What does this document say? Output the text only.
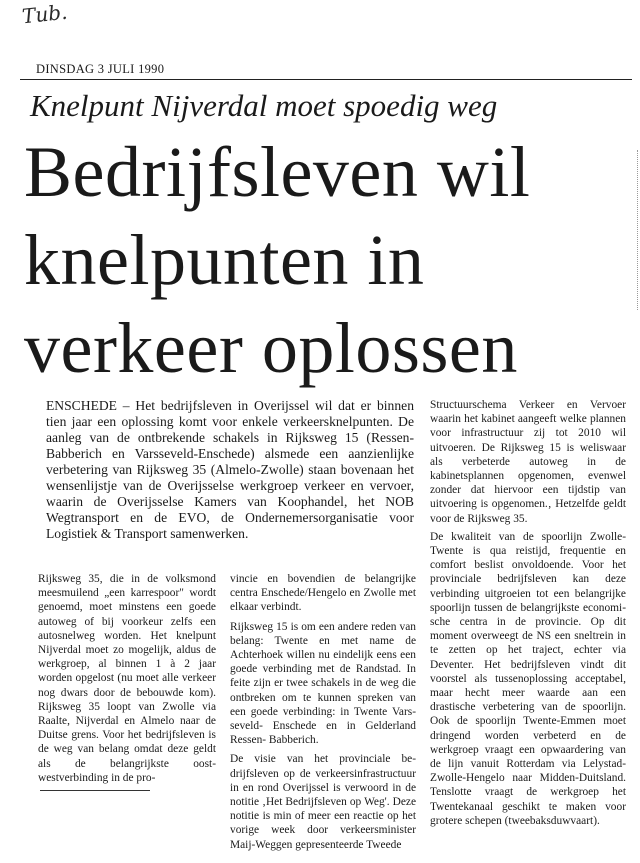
Tub.
DINSDAG 3 JULI 1990
Knelpunt Nijverdal moet spoedig weg
Bedrijfsleven wil
knelpunten in
verkeer oplossen

ENSCHEDE – Het bedrijfsleven in Overijssel wil dat er binnen tien jaar een oplossing komt voor enkele verkeersknelpunten. De aanleg van de ontbrekende schakels in Rijksweg 15 (Ressen-Babberich en Varsseveld-Enschede) alsmede een aanzienlijke verbetering van Rijksweg 35 (Almelo-Zwolle) staan bovenaan het wensenlijstje van de Overijsselse werkgroep verkeer en vervoer, waarin de Overijsselse Kamers van Koophandel, het NOB Wegtransport en de EVO, de Ondernemersorganisatie voor Logistiek & Transport samenwerken.

Rijksweg 35, die in de volksmond meesmuilend „een karrespoor" wordt genoemd, moet minstens een goede autoweg of bij voorkeur zelfs een autosnelweg worden. Het knelpunt Nijverdal moet zo mogelijk, aldus de werkgroep, al binnen 1 à 2 jaar worden opgelost (nu moet alle verkeer nog dwars door de bebouwde kom). Rijksweg 35 loopt van Zwolle via Raalte, Nijverdal en Almelo naar de Duitse grens. Voor het bedrijfsleven is de weg van belang omdat deze geldt als de belangrijkste oost-westverbinding in de pro-

vincie en bovendien de belangrijke centra Enschede/Hengelo en Zwolle met elkaar verbindt.

Rijksweg 15 is om een andere reden van belang: Twente en met name de Achterhoek willen nu eindelijk eens een goede verbinding met de Randstad. In feite zijn er twee schakels in de weg die ontbreken om te kunnen spreken van een goede verbinding: in Twente Varsseveld- Enschede en in Gelderland Ressen- Babberich.

De visie van het provinciale bedrijfsleven op de verkeersinfrastructuur in en rond Overijssel is verwoord in de notitie ‚Het Bedrijfsleven op Weg'. Deze notitie is min of meer een reactie op het vorige week door verkeersminister Maij-Weggen gepresenteerde Tweede

Structuurschema Verkeer en Vervoer waarin het kabinet aangeeft welke plannen voor infrastructuur zij tot 2010 wil uitvoeren. De Rijksweg 15 is weliswaar als verbeterde autoweg in de kabinetsplannen opgenomen, evenwel zonder dat hiervoor een tijdstip van uitvoering is opgenomen.‚ Hetzelfde geldt voor de Rijksweg 35.

De kwaliteit van de spoorlijn Zwolle-Twente is qua reistijd, frequentie en comfort beslist onvoldoende. Voor het provinciale bedrijfsleven kan deze verbinding uitgroeien tot een belangrijke spoorlijn tussen de belangrijkste economische centra in de provincie. Op dit moment overweegt de NS een sneltrein in te zetten op het traject, echter via Deventer. Het bedrijfsleven vindt dit voorstel als tussenoplossing acceptabel, maar hecht meer waarde aan een drastische verbetering van de spoorlijn. Ook de spoorlijn Twente-Emmen moet dringend worden verbeterd en de werkgroep vraagt een opwaardering van de lijn vanuit Rotterdam via Lelystad-Zwolle-Hengelo naar Midden-Duitsland. Tenslotte vraagt de werkgroep het Twentekanaal geschikt te maken voor grotere schepen (tweebaksduwvaart).
